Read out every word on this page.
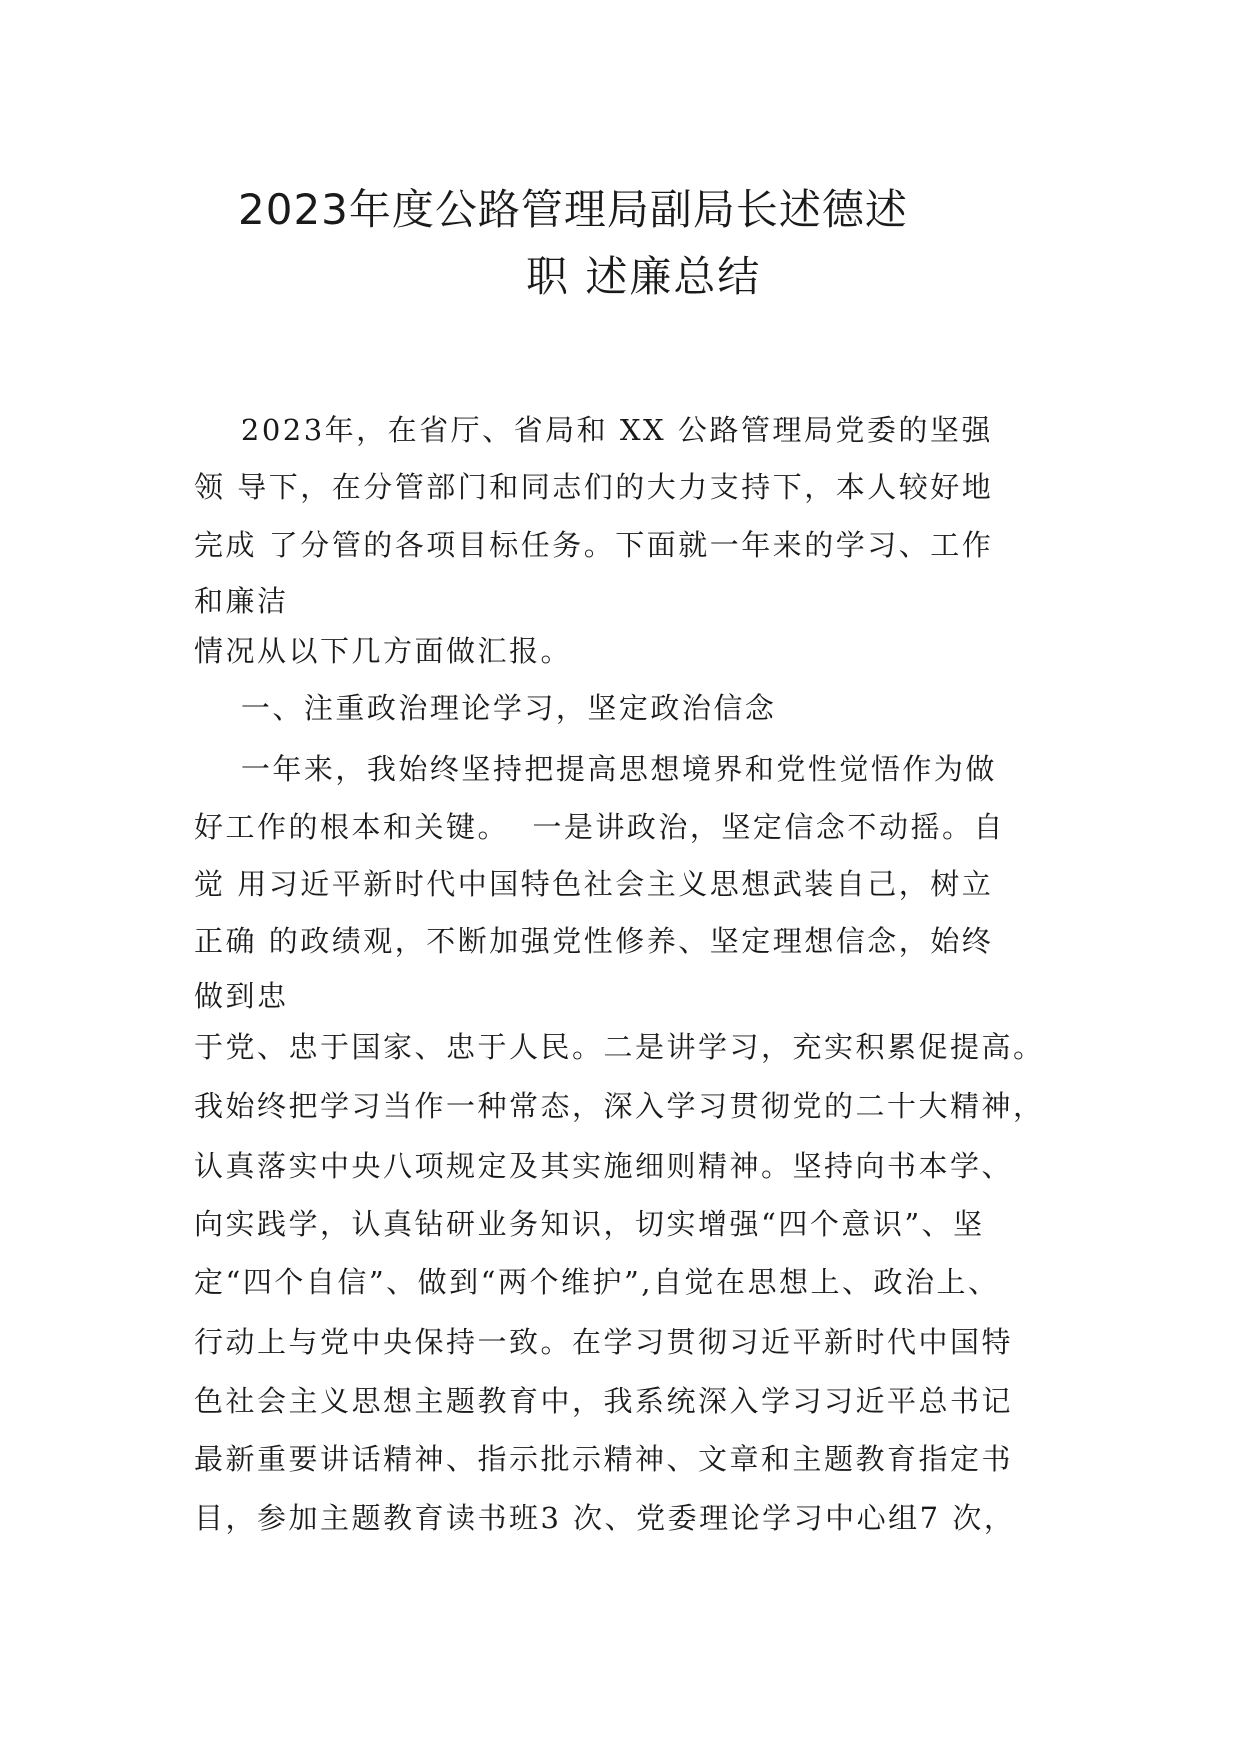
2023年度公路管理局副局长述德述
职 述廉总结
2023年，在省厅、省局和 XX 公路管理局党委的坚强
领 导下，在分管部门和同志们的大力支持下，本人较好地
完成 了分管的各项目标任务。下面就一年来的学习、工作
和廉洁
情况从以下几方面做汇报。
一、注重政治理论学习，坚定政治信念
一年来，我始终坚持把提高思想境界和党性觉悟作为做
好工作的根本和关键。  一是讲政治，坚定信念不动摇。自
觉 用习近平新时代中国特色社会主义思想武装自己，树立
正确 的政绩观，不断加强党性修养、坚定理想信念，始终
做到忠
于党、忠于国家、忠于人民。二是讲学习，充实积累促提高。
我始终把学习当作一种常态，深入学习贯彻党的二十大精神，
认真落实中央八项规定及其实施细则精神。坚持向书本学、
向实践学，认真钻研业务知识，切实增强“四个意识”、坚
定“四个自信”、做到“两个维护”,自觉在思想上、政治上、
行动上与党中央保持一致。在学习贯彻习近平新时代中国特
色社会主义思想主题教育中，我系统深入学习习近平总书记
最新重要讲话精神、指示批示精神、文章和主题教育指定书
目，参加主题教育读书班3 次、党委理论学习中心组7 次，
